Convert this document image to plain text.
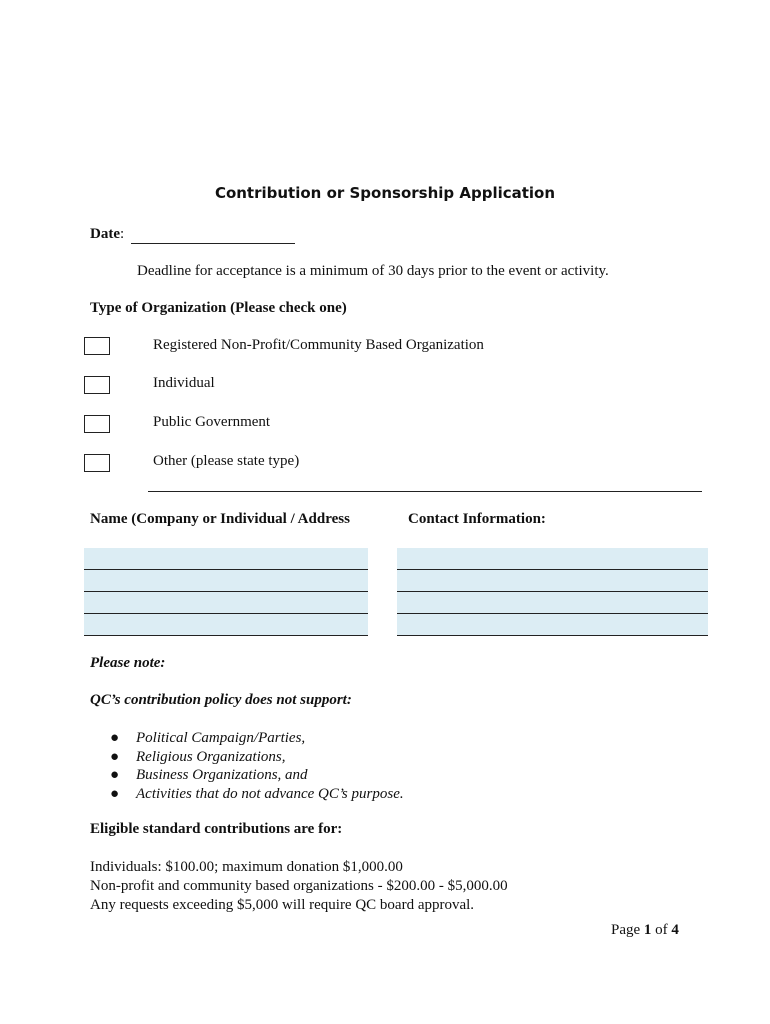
Contribution or Sponsorship Application
Date:
Deadline for acceptance is a minimum of 30 days prior to the event or activity.
Type of Organization (Please check one)
Registered Non-Profit/Community Based Organization
Individual
Public Government
Other (please state type)
Name (Company or Individual / Address	Contact Information:
Please note:
QC’s contribution policy does not support:
● Political Campaign/Parties,
● Religious Organizations,
● Business Organizations, and
● Activities that do not advance QC’s purpose.
Eligible standard contributions are for:
Individuals: $100.00; maximum donation $1,000.00
Non-profit and community based organizations - $200.00 - $5,000.00
Any requests exceeding $5,000 will require QC board approval.
Page 1 of 4
